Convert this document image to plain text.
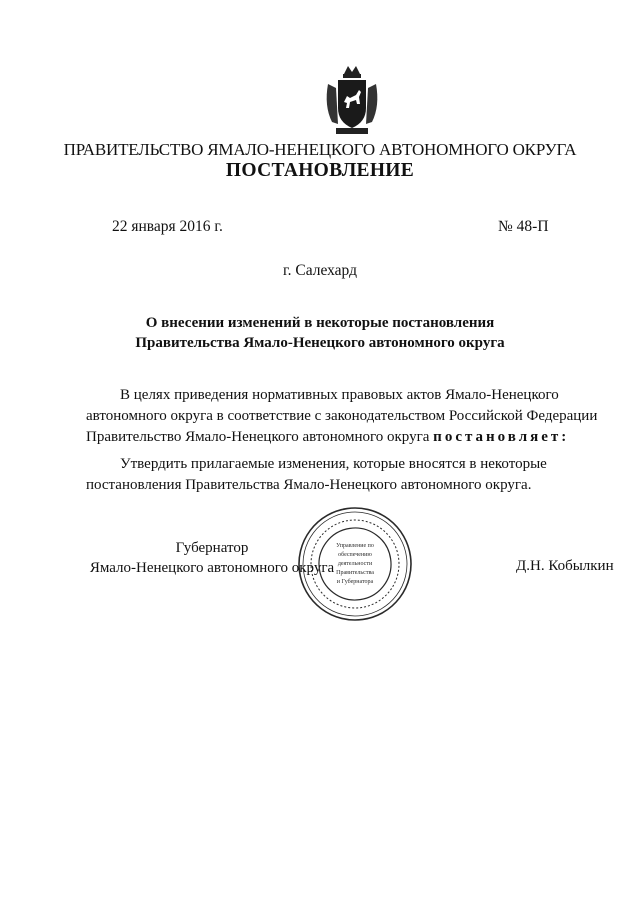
ПРАВИТЕЛЬСТВО ЯМАЛО-НЕНЕЦКОГО АВТОНОМНОГО ОКРУГА
ПОСТАНОВЛЕНИЕ
22 января 2016 г.	№ 48-П
г. Салехард
О внесении изменений в некоторые постановления
Правительства Ямало-Ненецкого автономного округа
В целях приведения нормативных правовых актов Ямало-Ненецкого
автономного округа в соответствие с законодательством Российской Федерации
Правительство Ямало-Ненецкого автономного округа постановляет:
Утвердить прилагаемые изменения, которые вносятся в некоторые
постановления Правительства Ямало-Ненецкого автономного округа.
Губернатор
Ямало-Ненецкого автономного округа	Д.Н. Кобылкин
Управление по
обеспечению
деятельности
Правительства
и Губернатора
